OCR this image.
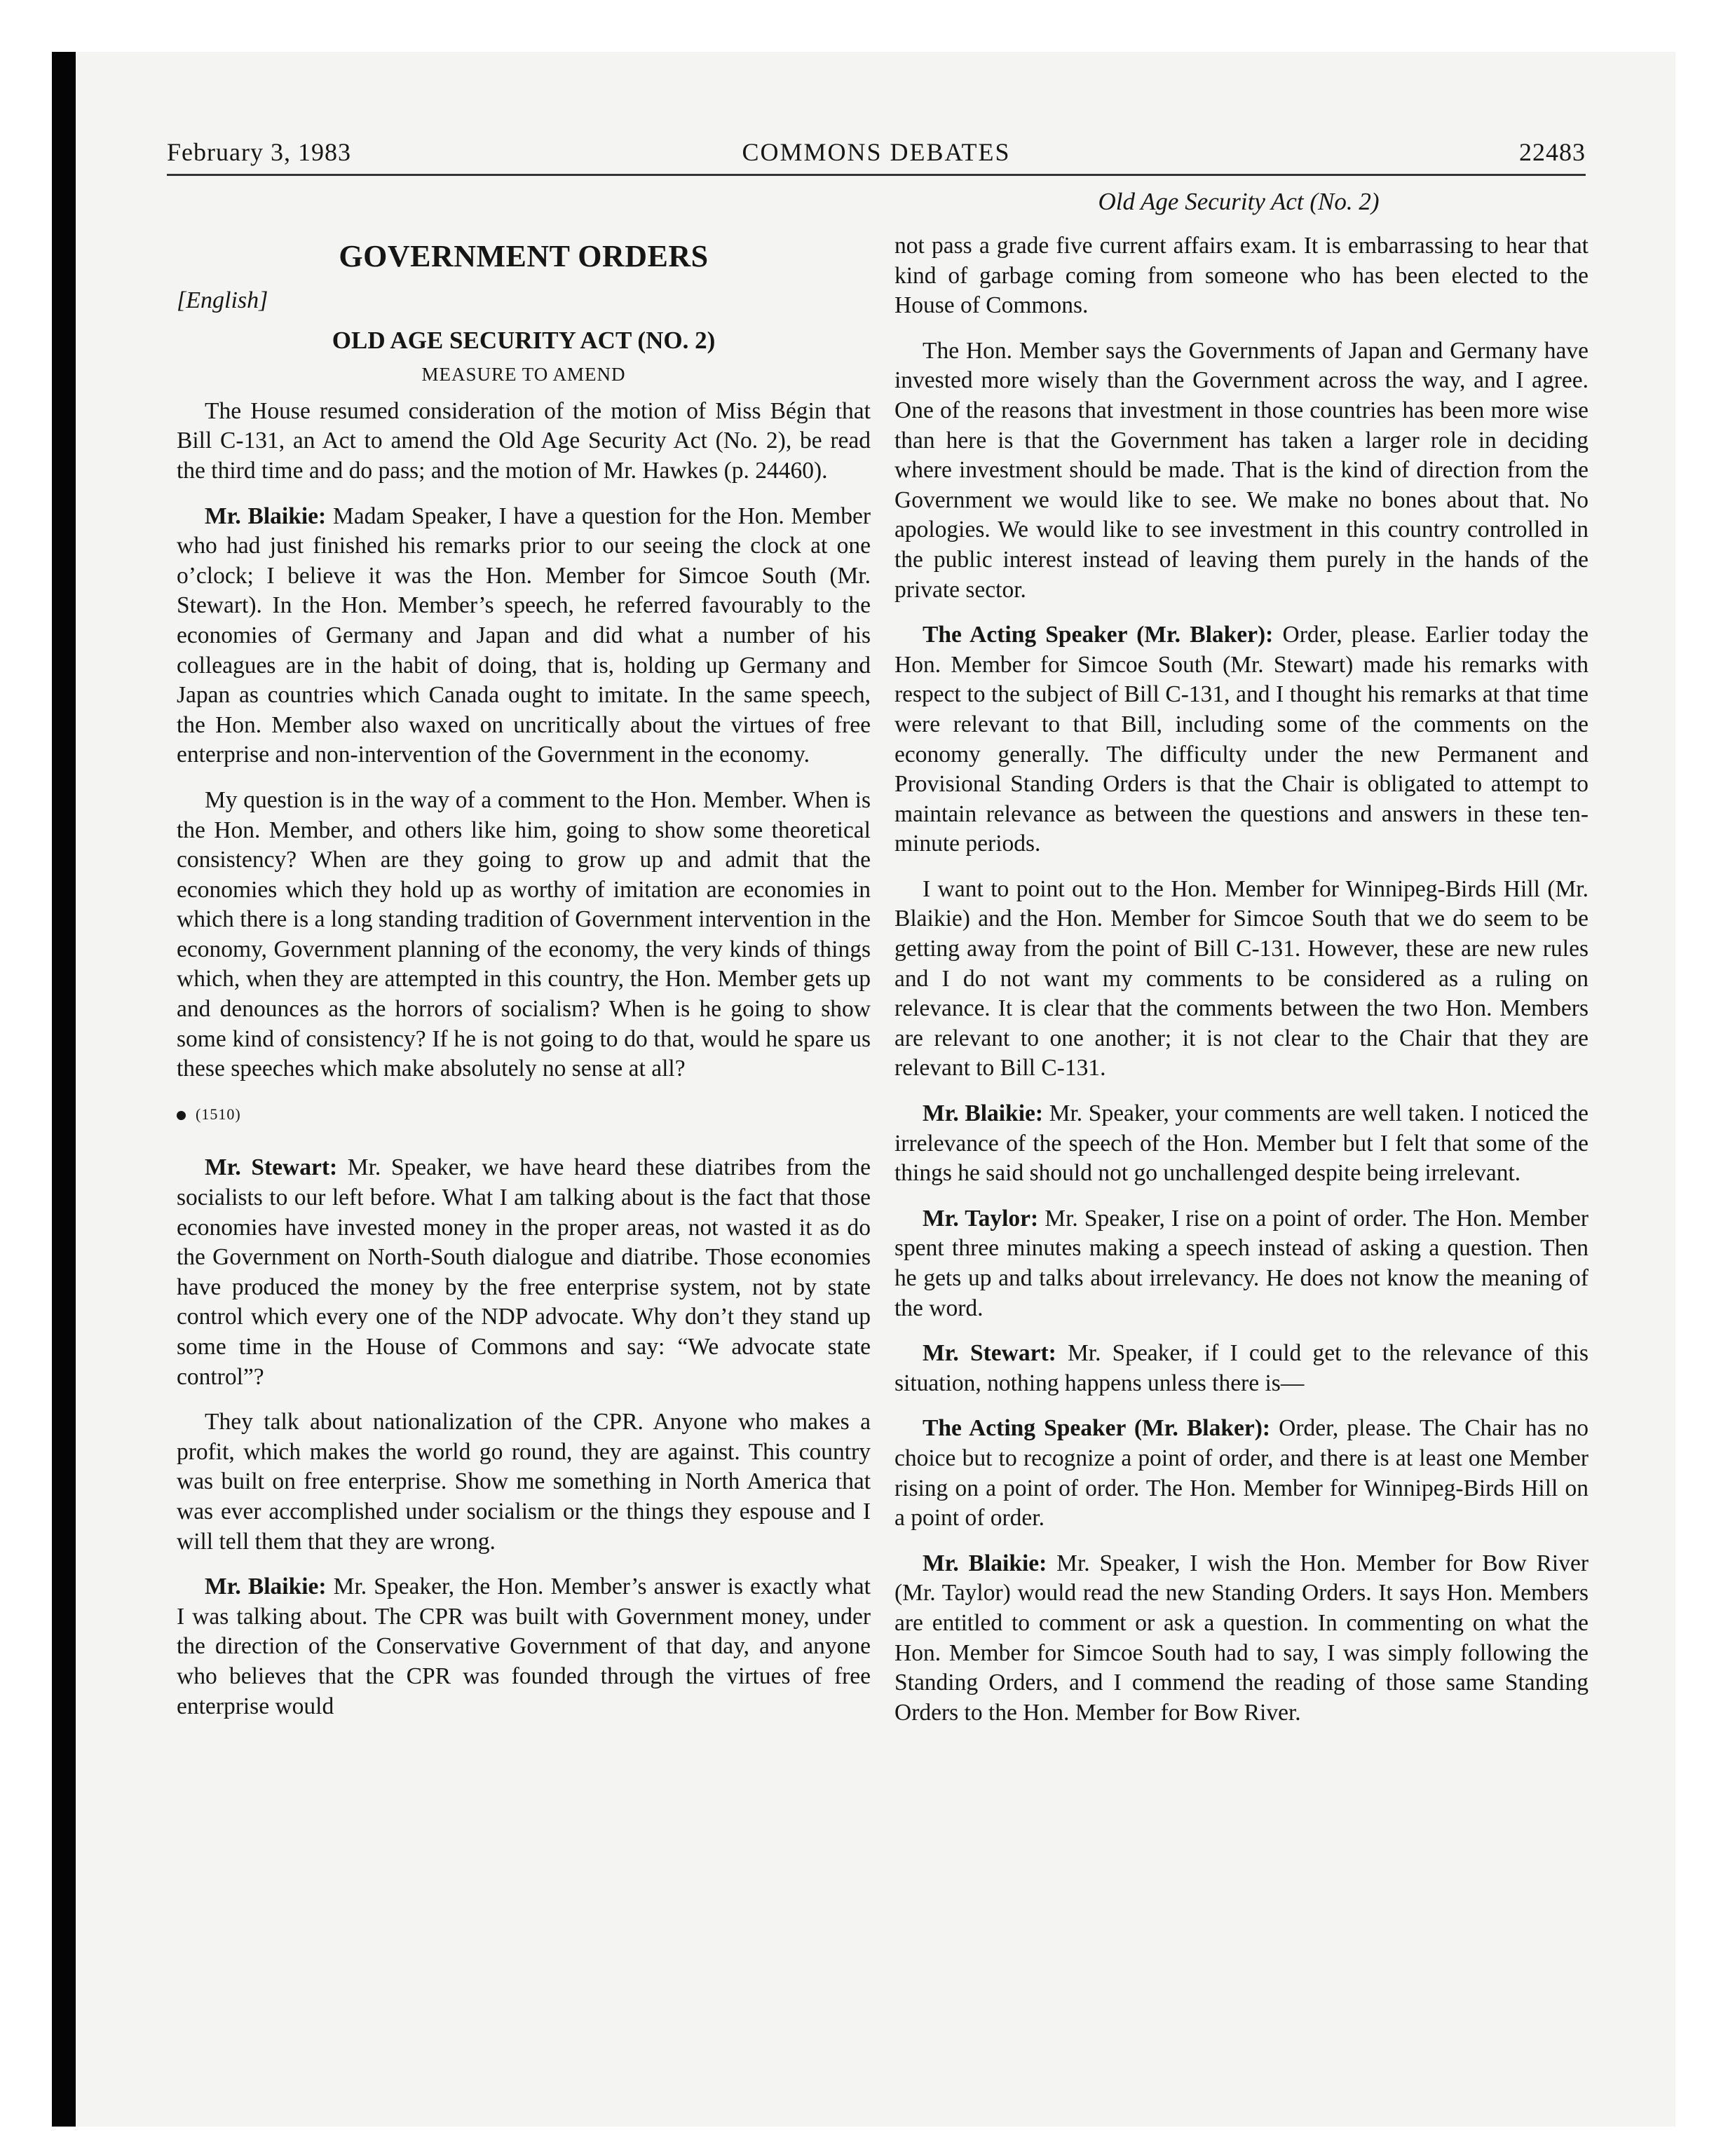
February 3, 1983	COMMONS DEBATES	22483
Old Age Security Act (No. 2)
GOVERNMENT ORDERS
[English]
OLD AGE SECURITY ACT (NO. 2)
MEASURE TO AMEND

The House resumed consideration of the motion of Miss Bégin that Bill C-131, an Act to amend the Old Age Security Act (No. 2), be read the third time and do pass; and the motion of Mr. Hawkes (p. 24460).

Mr. Blaikie: Madam Speaker, I have a question for the Hon. Member who had just finished his remarks prior to our seeing the clock at one o’clock; I believe it was the Hon. Member for Simcoe South (Mr. Stewart). In the Hon. Member’s speech, he referred favourably to the economies of Germany and Japan and did what a number of his colleagues are in the habit of doing, that is, holding up Germany and Japan as countries which Canada ought to imitate. In the same speech, the Hon. Member also waxed on uncritically about the virtues of free enterprise and non-intervention of the Government in the economy.

My question is in the way of a comment to the Hon. Member. When is the Hon. Member, and others like him, going to show some theoretical consistency? When are they going to grow up and admit that the economies which they hold up as worthy of imitation are economies in which there is a long standing tradition of Government intervention in the economy, Government planning of the economy, the very kinds of things which, when they are attempted in this country, the Hon. Member gets up and denounces as the horrors of socialism? When is he going to show some kind of consistency? If he is not going to do that, would he spare us these speeches which make absolutely no sense at all?

(1510)

Mr. Stewart: Mr. Speaker, we have heard these diatribes from the socialists to our left before. What I am talking about is the fact that those economies have invested money in the proper areas, not wasted it as do the Government on North-South dialogue and diatribe. Those economies have produced the money by the free enterprise system, not by state control which every one of the NDP advocate. Why don’t they stand up some time in the House of Commons and say: “We advocate state control”?

They talk about nationalization of the CPR. Anyone who makes a profit, which makes the world go round, they are against. This country was built on free enterprise. Show me something in North America that was ever accomplished under socialism or the things they espouse and I will tell them that they are wrong.

Mr. Blaikie: Mr. Speaker, the Hon. Member’s answer is exactly what I was talking about. The CPR was built with Government money, under the direction of the Conservative Government of that day, and anyone who believes that the CPR was founded through the virtues of free enterprise would

not pass a grade five current affairs exam. It is embarrassing to hear that kind of garbage coming from someone who has been elected to the House of Commons.

The Hon. Member says the Governments of Japan and Germany have invested more wisely than the Government across the way, and I agree. One of the reasons that investment in those countries has been more wise than here is that the Government has taken a larger role in deciding where investment should be made. That is the kind of direction from the Government we would like to see. We make no bones about that. No apologies. We would like to see investment in this country controlled in the public interest instead of leaving them purely in the hands of the private sector.

The Acting Speaker (Mr. Blaker): Order, please. Earlier today the Hon. Member for Simcoe South (Mr. Stewart) made his remarks with respect to the subject of Bill C-131, and I thought his remarks at that time were relevant to that Bill, including some of the comments on the economy generally. The difficulty under the new Permanent and Provisional Standing Orders is that the Chair is obligated to attempt to maintain relevance as between the questions and answers in these ten-minute periods.

I want to point out to the Hon. Member for Winnipeg-Birds Hill (Mr. Blaikie) and the Hon. Member for Simcoe South that we do seem to be getting away from the point of Bill C-131. However, these are new rules and I do not want my comments to be considered as a ruling on relevance. It is clear that the comments between the two Hon. Members are relevant to one another; it is not clear to the Chair that they are relevant to Bill C-131.

Mr. Blaikie: Mr. Speaker, your comments are well taken. I noticed the irrelevance of the speech of the Hon. Member but I felt that some of the things he said should not go unchallenged despite being irrelevant.

Mr. Taylor: Mr. Speaker, I rise on a point of order. The Hon. Member spent three minutes making a speech instead of asking a question. Then he gets up and talks about irrelevancy. He does not know the meaning of the word.

Mr. Stewart: Mr. Speaker, if I could get to the relevance of this situation, nothing happens unless there is—

The Acting Speaker (Mr. Blaker): Order, please. The Chair has no choice but to recognize a point of order, and there is at least one Member rising on a point of order. The Hon. Member for Winnipeg-Birds Hill on a point of order.

Mr. Blaikie: Mr. Speaker, I wish the Hon. Member for Bow River (Mr. Taylor) would read the new Standing Orders. It says Hon. Members are entitled to comment or ask a question. In commenting on what the Hon. Member for Simcoe South had to say, I was simply following the Standing Orders, and I commend the reading of those same Standing Orders to the Hon. Member for Bow River.
